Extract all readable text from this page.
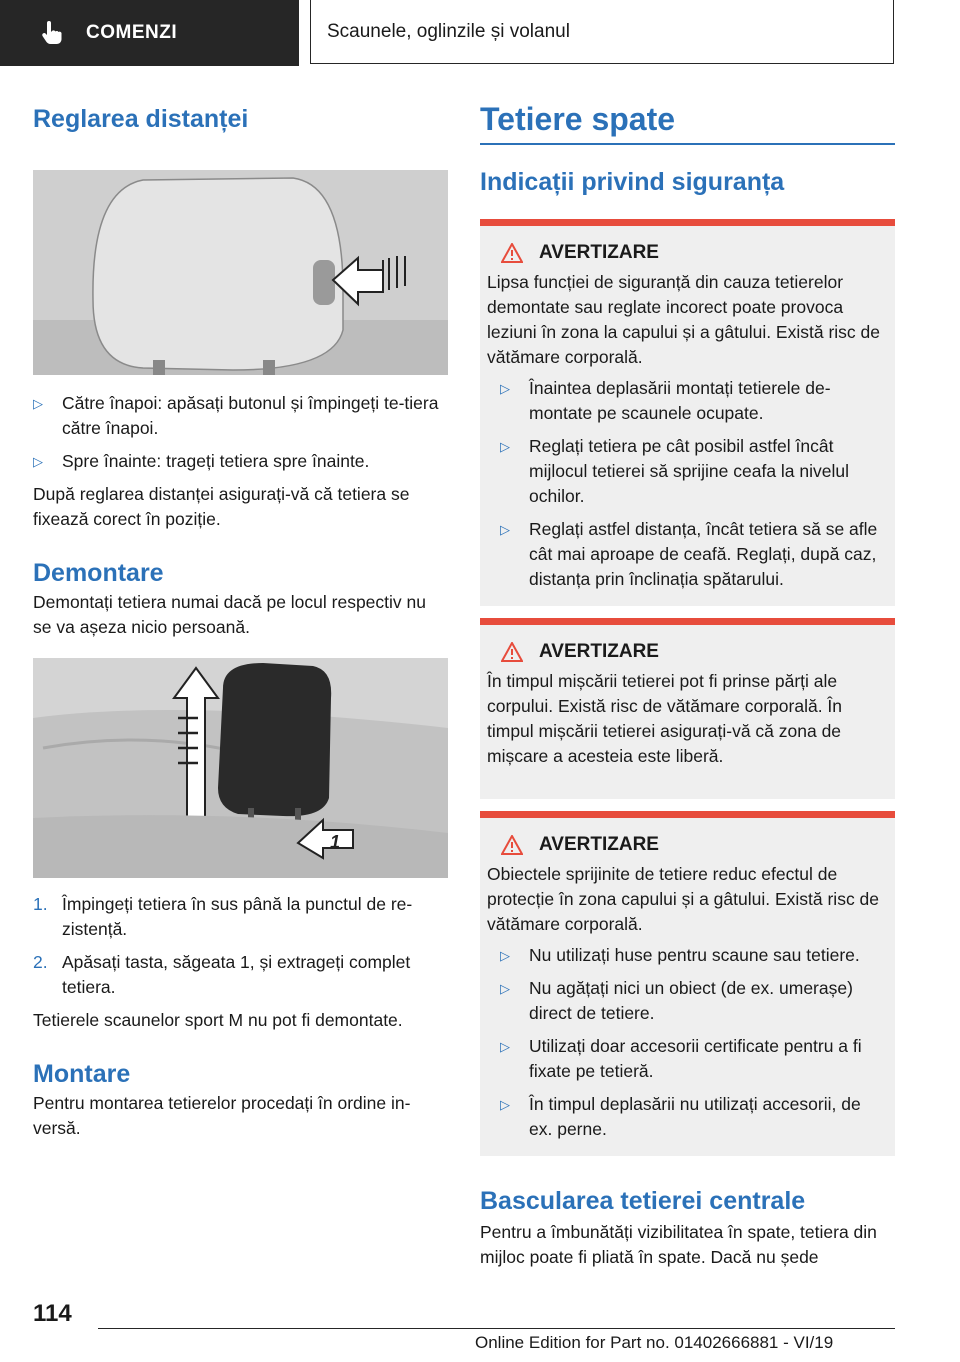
COMENZI	Scaunele, oglinzile și volanul
Reglarea distanței
▷ Către înapoi: apăsați butonul și împingeți te-tiera către înapoi.
▷ Spre înainte: trageți tetiera spre înainte.

După reglarea distanței asigurați-vă că tetiera se fixează corect în poziție.

Demontare

Demontați tetiera numai dacă pe locul respectiv nu se va așeza nicio persoană.

1
1. Împingeți tetiera în sus până la punctul de re-zistență.
2. Apăsați tasta, săgeata 1, și extrageți complet tetiera.

Tetierele scaunelor sport M nu pot fi demontate.

Montare

Pentru montarea tetierelor procedați în ordine in-versă.

Tetiere spate
Indicații privind siguranța
AVERTIZARE

Lipsa funcției de siguranță din cauza tetierelor demontate sau reglate incorect poate provoca leziuni în zona la capului și a gâtului. Există risc de vătămare corporală.

▷ Înaintea deplasării montați tetierele de-montate pe scaunele ocupate.
▷ Reglați tetiera pe cât posibil astfel încât mijlocul tetierei să sprijine ceafa la nivelul ochilor.
▷ Reglați astfel distanța, încât tetiera să se afle cât mai aproape de ceafă. Reglați, după caz, distanța prin înclinația spătarului.
AVERTIZARE

În timpul mișcării tetierei pot fi prinse părți ale corpului. Există risc de vătămare corporală. În timpul mișcării tetierei asigurați-vă că zona de mișcare a acesteia este liberă.

AVERTIZARE

Obiectele sprijinite de tetiere reduc efectul de protecție în zona capului și a gâtului. Există risc de vătămare corporală.

▷ Nu utilizați huse pentru scaune sau tetiere.
▷ Nu agățați nici un obiect (de ex. umerașe) direct de tetiere.
▷ Utilizați doar accesorii certificate pentru a fi fixate pe tetieră.
▷ În timpul deplasării nu utilizați accesorii, de ex. perne.
Bascularea tetierei centrale

Pentru a îmbunătăți vizibilitatea în spate, tetiera din mijloc poate fi pliată în spate. Dacă nu șede

114
Online Edition for Part no. 01402666881 - VI/19
